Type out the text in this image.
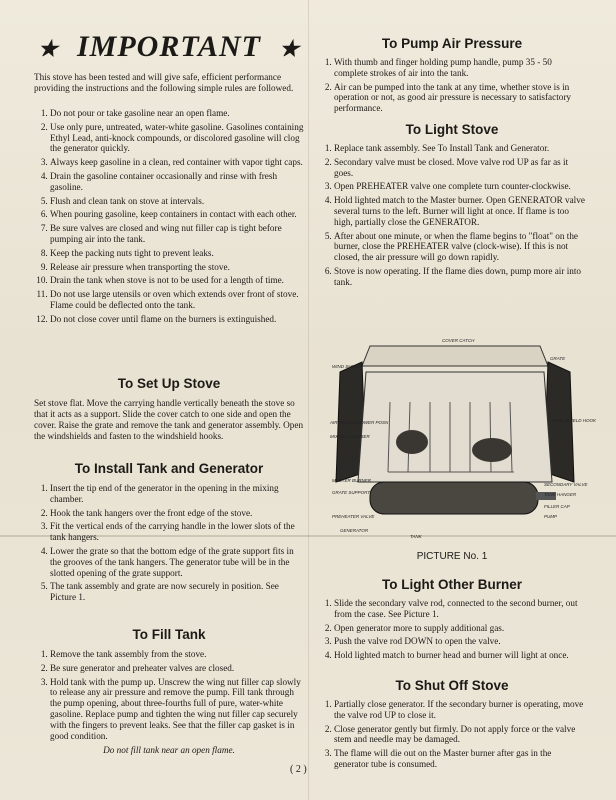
★ IMPORTANT ★

This stove has been tested and will give safe, efficient performance providing the instructions and the following simple rules are followed.

1. Do not pour or take gasoline near an open flame.
2. Use only pure, untreated, water-white gasoline. Gasolines containing Ethyl Lead, anti-knock compounds, or discolored gasoline will clog the generator quickly.
3. Always keep gasoline in a clean, red container with vapor tight caps.
4. Drain the gasoline container occasionally and rinse with fresh gasoline.
5. Flush and clean tank on stove at intervals.
6. When pouring gasoline, keep containers in contact with each other.
7. Be sure valves are closed and wing nut filler cap is tight before pumping air into the tank.
8. Keep the packing nuts tight to prevent leaks.
9. Release air pressure when transporting the stove.
10. Drain the tank when stove is not to be used for a length of time.
11. Do not use large utensils or oven which extends over front of stove. Flame could be deflected onto the tank.
12. Do not close cover until flame on the burners is extinguished.
To Set Up Stove

Set stove flat. Move the carrying handle vertically beneath the stove so that it acts as a support. Slide the cover catch to one side and open the cover. Raise the grate and remove the tank and generator assembly. Open the windshields and fasten to the windshield hooks.

To Install Tank and Generator
1. Insert the tip end of the generator in the opening in the mixing chamber.
2. Hook the tank hangers over the front edge of the stove.
3. Fit the vertical ends of the carrying handle in the lower slots of the tank hangers.
4. Lower the grate so that the bottom edge of the grate support fits in the grooves of the tank hangers. The generator tube will be in the slotted opening of the grate support.
5. The tank assembly and grate are now securely in position. See Picture 1.
To Fill Tank
1. Remove the tank assembly from the stove.
2. Be sure generator and preheater valves are closed.
3. Hold tank with the pump up. Unscrew the wing nut filler cap slowly to release any air pressure and remove the pump. Fill tank through the pump opening, about three-fourths full of pure, water-white gasoline. Replace pump and tighten the wing nut filler cap securely with the fingers to prevent leaks. See that the filler cap gasket is in good condition.
Do not fill tank near an open flame.
To Pump Air Pressure
1. With thumb and finger holding pump handle, pump 35 - 50 complete strokes of air into the tank.
2. Air can be pumped into the tank at any time, whether stove is in operation or not, as good air pressure is necessary to satisfactory performance.
To Light Stove
1. Replace tank assembly. See To Install Tank and Generator.
2. Secondary valve must be closed. Move valve rod UP as far as it goes.
3. Open PREHEATER valve one complete turn counter-clockwise.
4. Hold lighted match to the Master burner. Open GENERATOR valve several turns to the left. Burner will light at once. If flame is too high, partially close the GENERATOR.
5. After about one minute, or when the flame begins to "float" on the burner, close the PREHEATER valve (clock-wise). If this is not closed, the air pressure will go down rapidly.
6. Stove is now operating. If the flame dies down, pump more air into tank.
COVER CATCH
WIND SHIELD
GRATE
AIR SWITCH LOWER POSN	WIND SHIELD HOOK
MIXING CHAMBER
MASTER BURNER
GRATE SUPPORT
SECONDARY VALVE
TANK HANGER
PREHEATER VALVE
GENERATOR
FILLER CAP
PUMP
TANK
PICTURE No. 1
To Light Other Burner
1. Slide the secondary valve rod, connected to the second burner, out from the case. See Picture 1.
2. Open generator more to supply additional gas.
3. Push the valve rod DOWN to open the valve.
4. Hold lighted match to burner head and burner will light at once.
To Shut Off Stove
1. Partially close generator. If the secondary burner is operating, move the valve rod UP to close it.
2. Close generator gently but firmly. Do not apply force or the valve stem and needle may be damaged.
3. The flame will die out on the Master burner after gas in the generator tube is consumed.
( 2 )
